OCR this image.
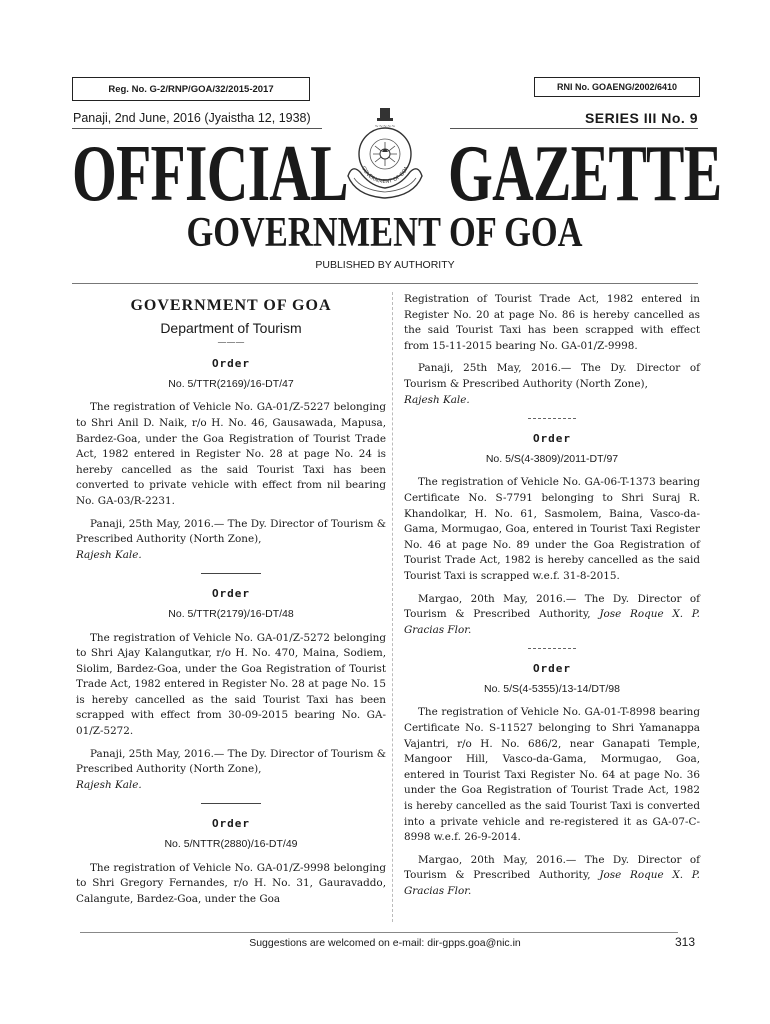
Reg. No. G-2/RNP/GOA/32/2015-2017	RNI No. GOAENG/2002/6410
Panaji, 2nd June, 2016 (Jyaistha 12, 1938)	SERIES III No. 9
OFFICIAL GAZETTE
~~~~~
GOVERNMENT OF GOA
GOVERNMENT OF GOA
PUBLISHED BY AUTHORITY
GOVERNMENT OF GOA
Department of Tourism
———
Order
No. 5/TTR(2169)/16-DT/47

The registration of Vehicle No. GA-01/Z-5227 belonging to Shri Anil D. Naik, r/o H. No. 46, Gausawada, Mapusa, Bardez-Goa, under the Goa Registration of Tourist Trade Act, 1982 entered in Register No. 28 at page No. 24 is hereby cancelled as the said Tourist Taxi has been converted to private vehicle with effect from nil bearing No. GA-03/R-2231.

Panaji, 25th May, 2016.— The Dy. Director of Tourism & Prescribed Authority (North Zone),
Rajesh Kale.

Order
No. 5/TTR(2179)/16-DT/48

The registration of Vehicle No. GA-01/Z-5272 belonging to Shri Ajay Kalangutkar, r/o H. No. 470, Maina, Sodiem, Siolim, Bardez-Goa, under the Goa Registration of Tourist Trade Act, 1982 entered in Register No. 28 at page No. 15 is hereby cancelled as the said Tourist Taxi has been scrapped with effect from 30-09-2015 bearing No. GA-01/Z-5272.

Panaji, 25th May, 2016.— The Dy. Director of Tourism & Prescribed Authority (North Zone),
Rajesh Kale.

Order
No. 5/NTTR(2880)/16-DT/49

The registration of Vehicle No. GA-01/Z-9998 belonging to Shri Gregory Fernandes, r/o H. No. 31, Gauravaddo, Calangute, Bardez-Goa, under the Goa

Registration of Tourist Trade Act, 1982 entered in Register No. 20 at page No. 86 is hereby cancelled as the said Tourist Taxi has been scrapped with effect from 15-11-2015 bearing No. GA-01/Z-9998.

Panaji, 25th May, 2016.— The Dy. Director of Tourism & Prescribed Authority (North Zone),
Rajesh Kale.

Order
No. 5/S(4-3809)/2011-DT/97

The registration of Vehicle No. GA-06-T-1373 bearing Certificate No. S-7791 belonging to Shri Suraj R. Khandolkar, H. No. 61, Sasmolem, Baina, Vasco-da-Gama, Mormugao, Goa, entered in Tourist Taxi Register No. 46 at page No. 89 under the Goa Registration of Tourist Trade Act, 1982 is hereby cancelled as the said Tourist Taxi is scrapped w.e.f. 31-8-2015.

Margao, 20th May, 2016.— The Dy. Director of Tourism & Prescribed Authority, Jose Roque X. P. Gracias Flor.

Order
No. 5/S(4-5355)/13-14/DT/98

The registration of Vehicle No. GA-01-T-8998 bearing Certificate No. S-11527 belonging to Shri Yamanappa Vajantri, r/o H. No. 686/2, near Ganapati Temple, Mangoor Hill, Vasco-da-Gama, Mormugao, Goa, entered in Tourist Taxi Register No. 64 at page No. 36 under the Goa Registration of Tourist Trade Act, 1982 is hereby cancelled as the said Tourist Taxi is converted into a private vehicle and re-registered it as GA-07-C-8998 w.e.f. 26-9-2014.

Margao, 20th May, 2016.— The Dy. Director of Tourism & Prescribed Authority, Jose Roque X. P. Gracias Flor.

Suggestions are welcomed on e-mail: dir-gpps.goa@nic.in	313
